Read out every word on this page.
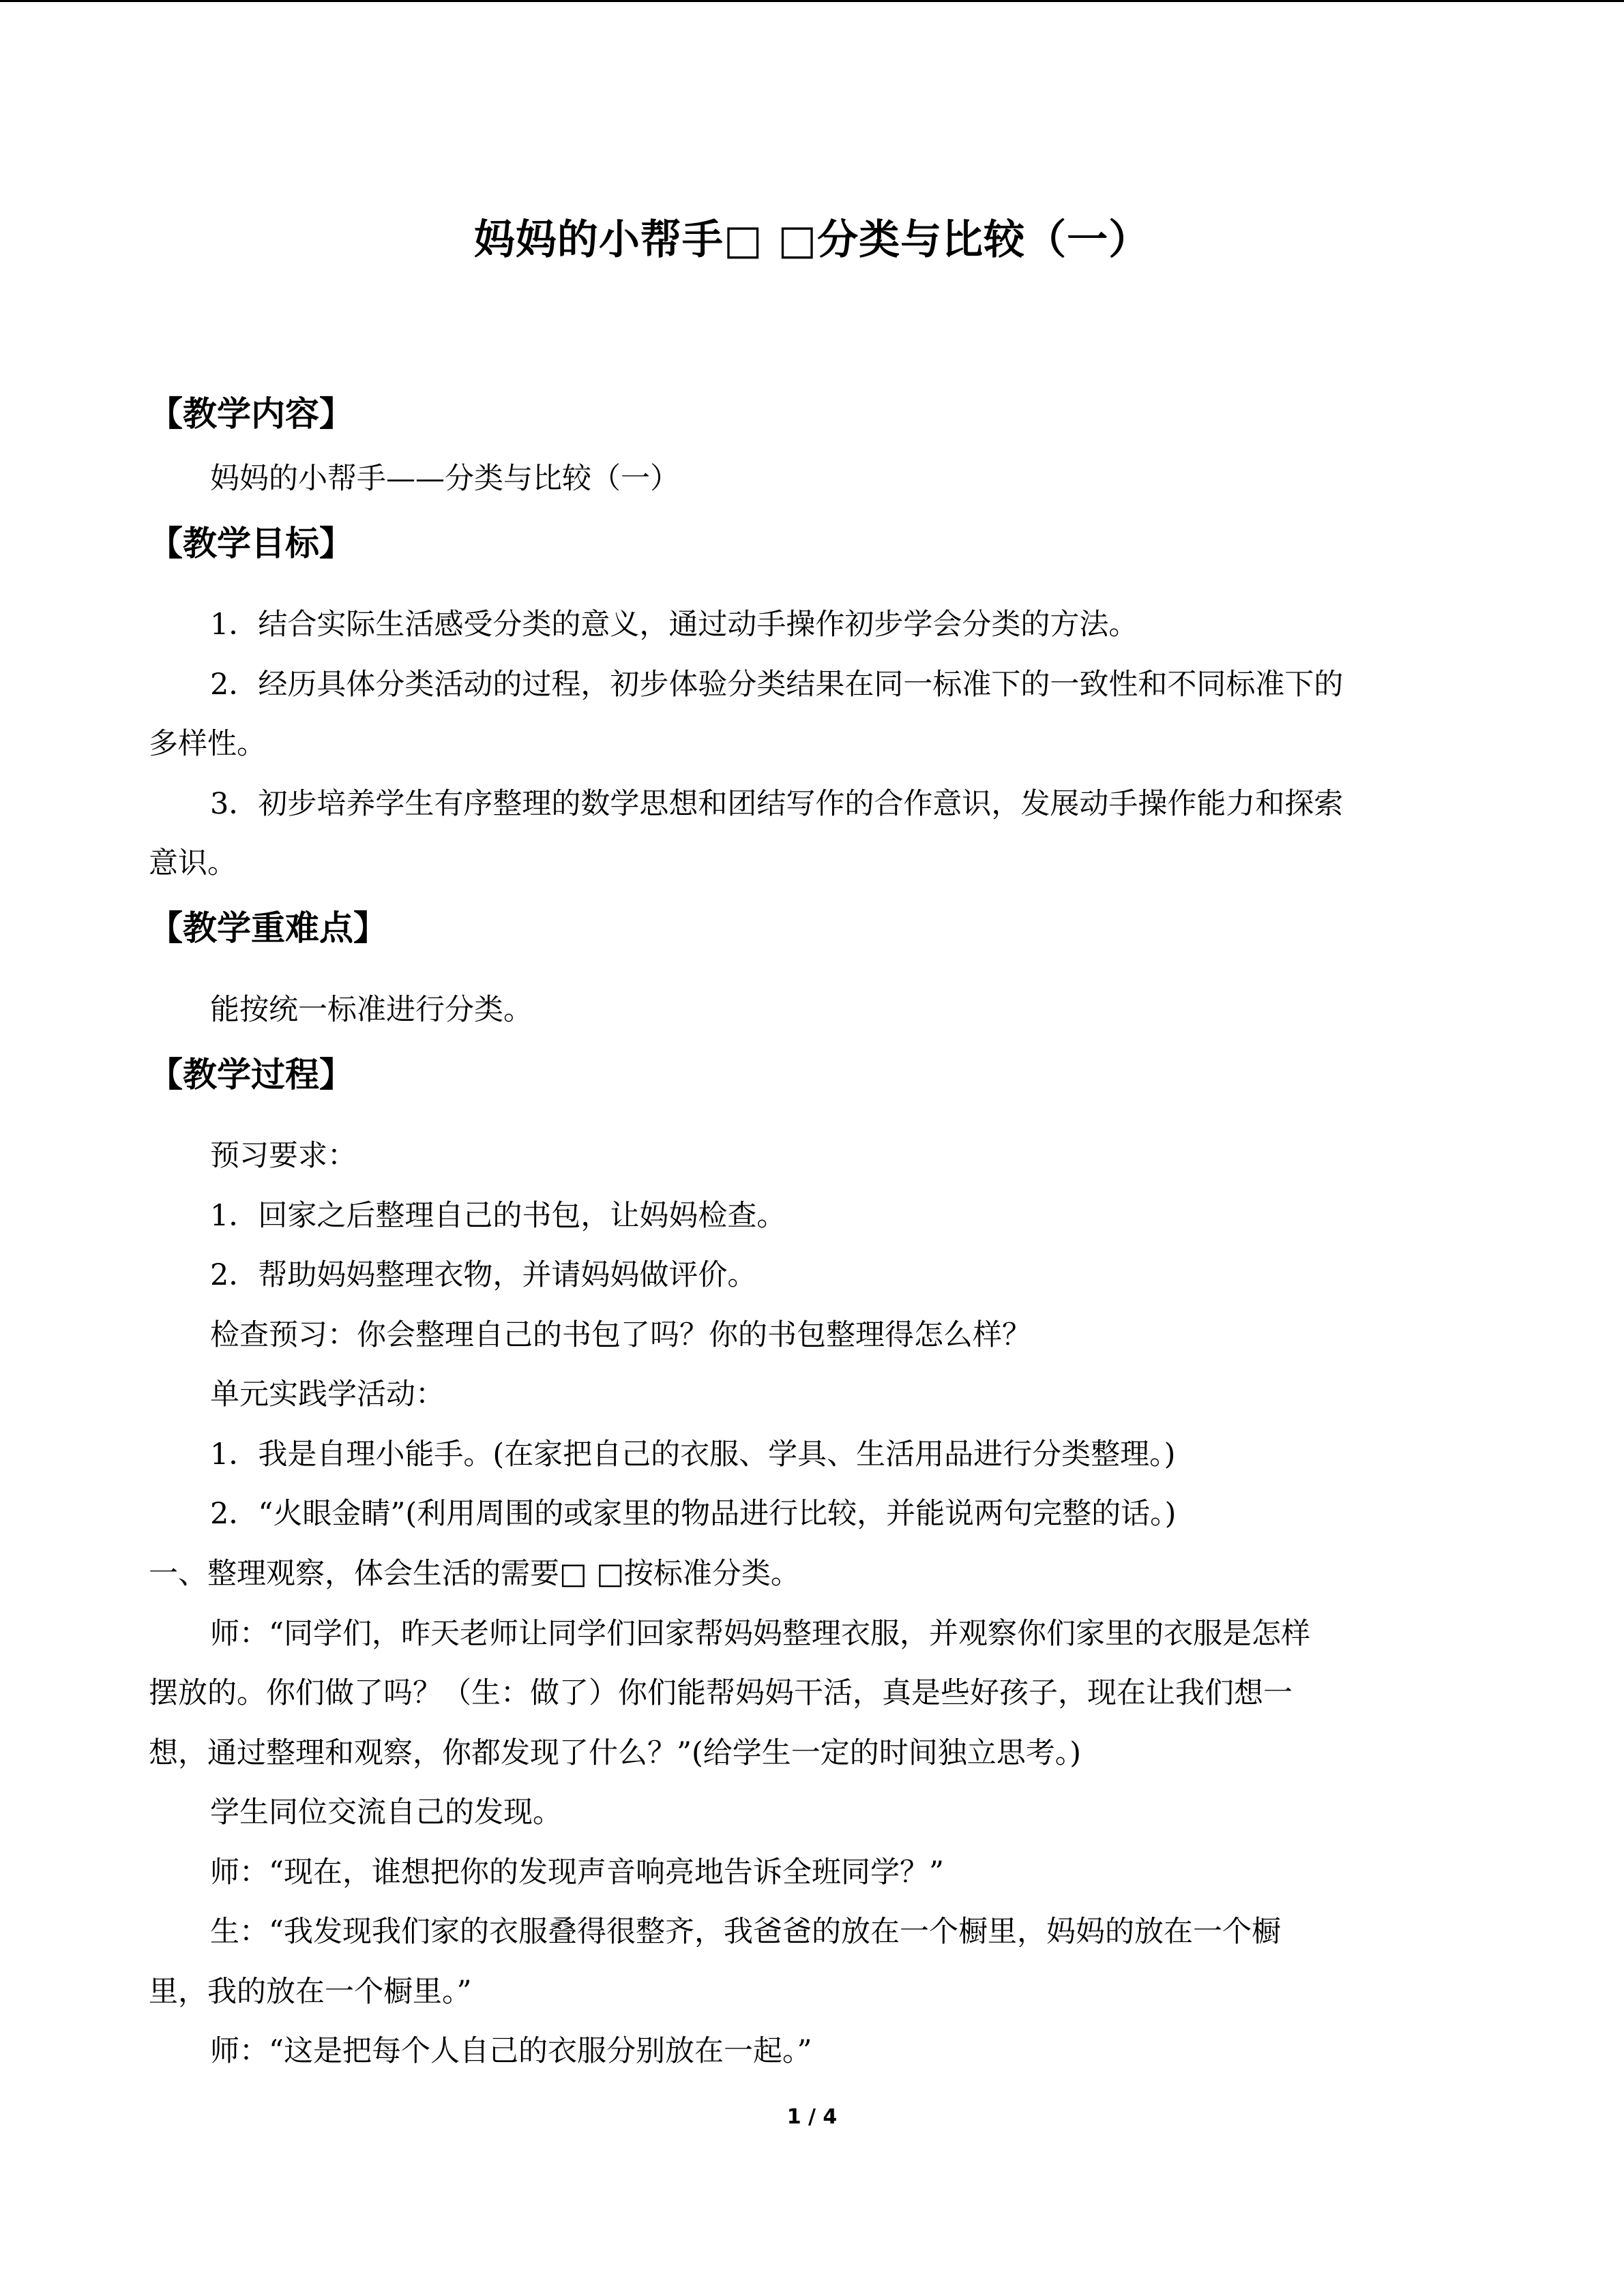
妈妈的小帮手□ □分类与比较（一）
【教学内容】
妈妈的小帮手——分类与比较（一）
【教学目标】
1．结合实际生活感受分类的意义，通过动手操作初步学会分类的方法。
2．经历具体分类活动的过程，初步体验分类结果在同一标准下的一致性和不同标准下的
多样性。
3．初步培养学生有序整理的数学思想和团结写作的合作意识，发展动手操作能力和探索
意识。
【教学重难点】
能按统一标准进行分类。
【教学过程】
预习要求：
1．回家之后整理自己的书包，让妈妈检查。
2．帮助妈妈整理衣物，并请妈妈做评价。
检查预习：你会整理自己的书包了吗？你的书包整理得怎么样？
单元实践学活动：
1．我是自理小能手。(在家把自己的衣服、学具、生活用品进行分类整理。)
2．“火眼金睛”(利用周围的或家里的物品进行比较，并能说两句完整的话。)
一、整理观察，体会生活的需要□ □按标准分类。
师：“同学们，昨天老师让同学们回家帮妈妈整理衣服，并观察你们家里的衣服是怎样
摆放的。你们做了吗？（生：做了）你们能帮妈妈干活，真是些好孩子，现在让我们想一
想，通过整理和观察，你都发现了什么？”(给学生一定的时间独立思考。)
学生同位交流自己的发现。
师：“现在，谁想把你的发现声音响亮地告诉全班同学？”
生：“我发现我们家的衣服叠得很整齐，我爸爸的放在一个橱里，妈妈的放在一个橱
里，我的放在一个橱里。”
师：“这是把每个人自己的衣服分别放在一起。”
1 / 4
